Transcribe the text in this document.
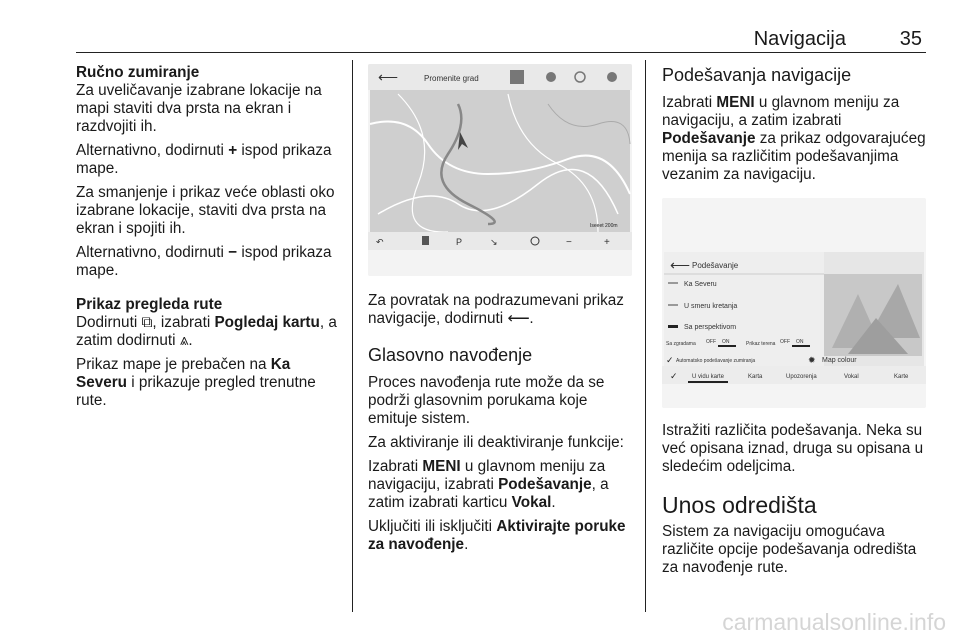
Navigacija	35

Ručno zumiranje

Za uveličavanje izabrane lokacije na mapi staviti dva prsta na ekran i razdvojiti ih.

Alternativno, dodirnuti + ispod prikaza mape.

Za smanjenje i prikaz veće oblasti oko izabrane lokacije, staviti dva prsta na ekran i spojiti ih.

Alternativno, dodirnuti − ispod prikaza mape.

Prikaz pregleda rute

Dodirnuti ⧉, izabrati Pogledaj kartu, a zatim dodirnuti ⩓.

Prikaz mape je prebačen na Ka Severu i prikazuje pregled trenutne rute.

⟵	Promenite grad
Iseeet 200m
↶	P	↘	−	+

Za povratak na podrazumevani prikaz navigacije, dodirnuti ⟵.

Glasovno navođenje

Proces navođenja rute može da se podrži glasovnim porukama koje emituje sistem.

Za aktiviranje ili deaktiviranje funkcije:

Izabrati MENI u glavnom meniju za navigaciju, izabrati Podešavanje, a zatim izabrati karticu Vokal.

Uključiti ili isključiti Aktivirajte poruke za navođenje.

Podešavanja navigacije

Izabrati MENI u glavnom meniju za navigaciju, a zatim izabrati Podešavanje za prikaz odgovarajućeg menija sa različitim podešavanjima vezanim za navigaciju.

⟵ Podešavanje
Ka Severu
U smeru kretanja
Sa perspektivom
Sa zgradama OFF ON	Prikaz terena OFF ON
✓ Automatsko podešavanje zumiranja	✹ Map colour
✓ U vidu karte	Karta	Upozorenja	Vokal	Karte

Istražiti različita podešavanja. Neka su već opisana iznad, druga su opisana u sledećim odeljcima.

Unos odredišta

Sistem za navigaciju omogućava različite opcije podešavanja odredišta za navođenje rute.

carmanualsonline.info
